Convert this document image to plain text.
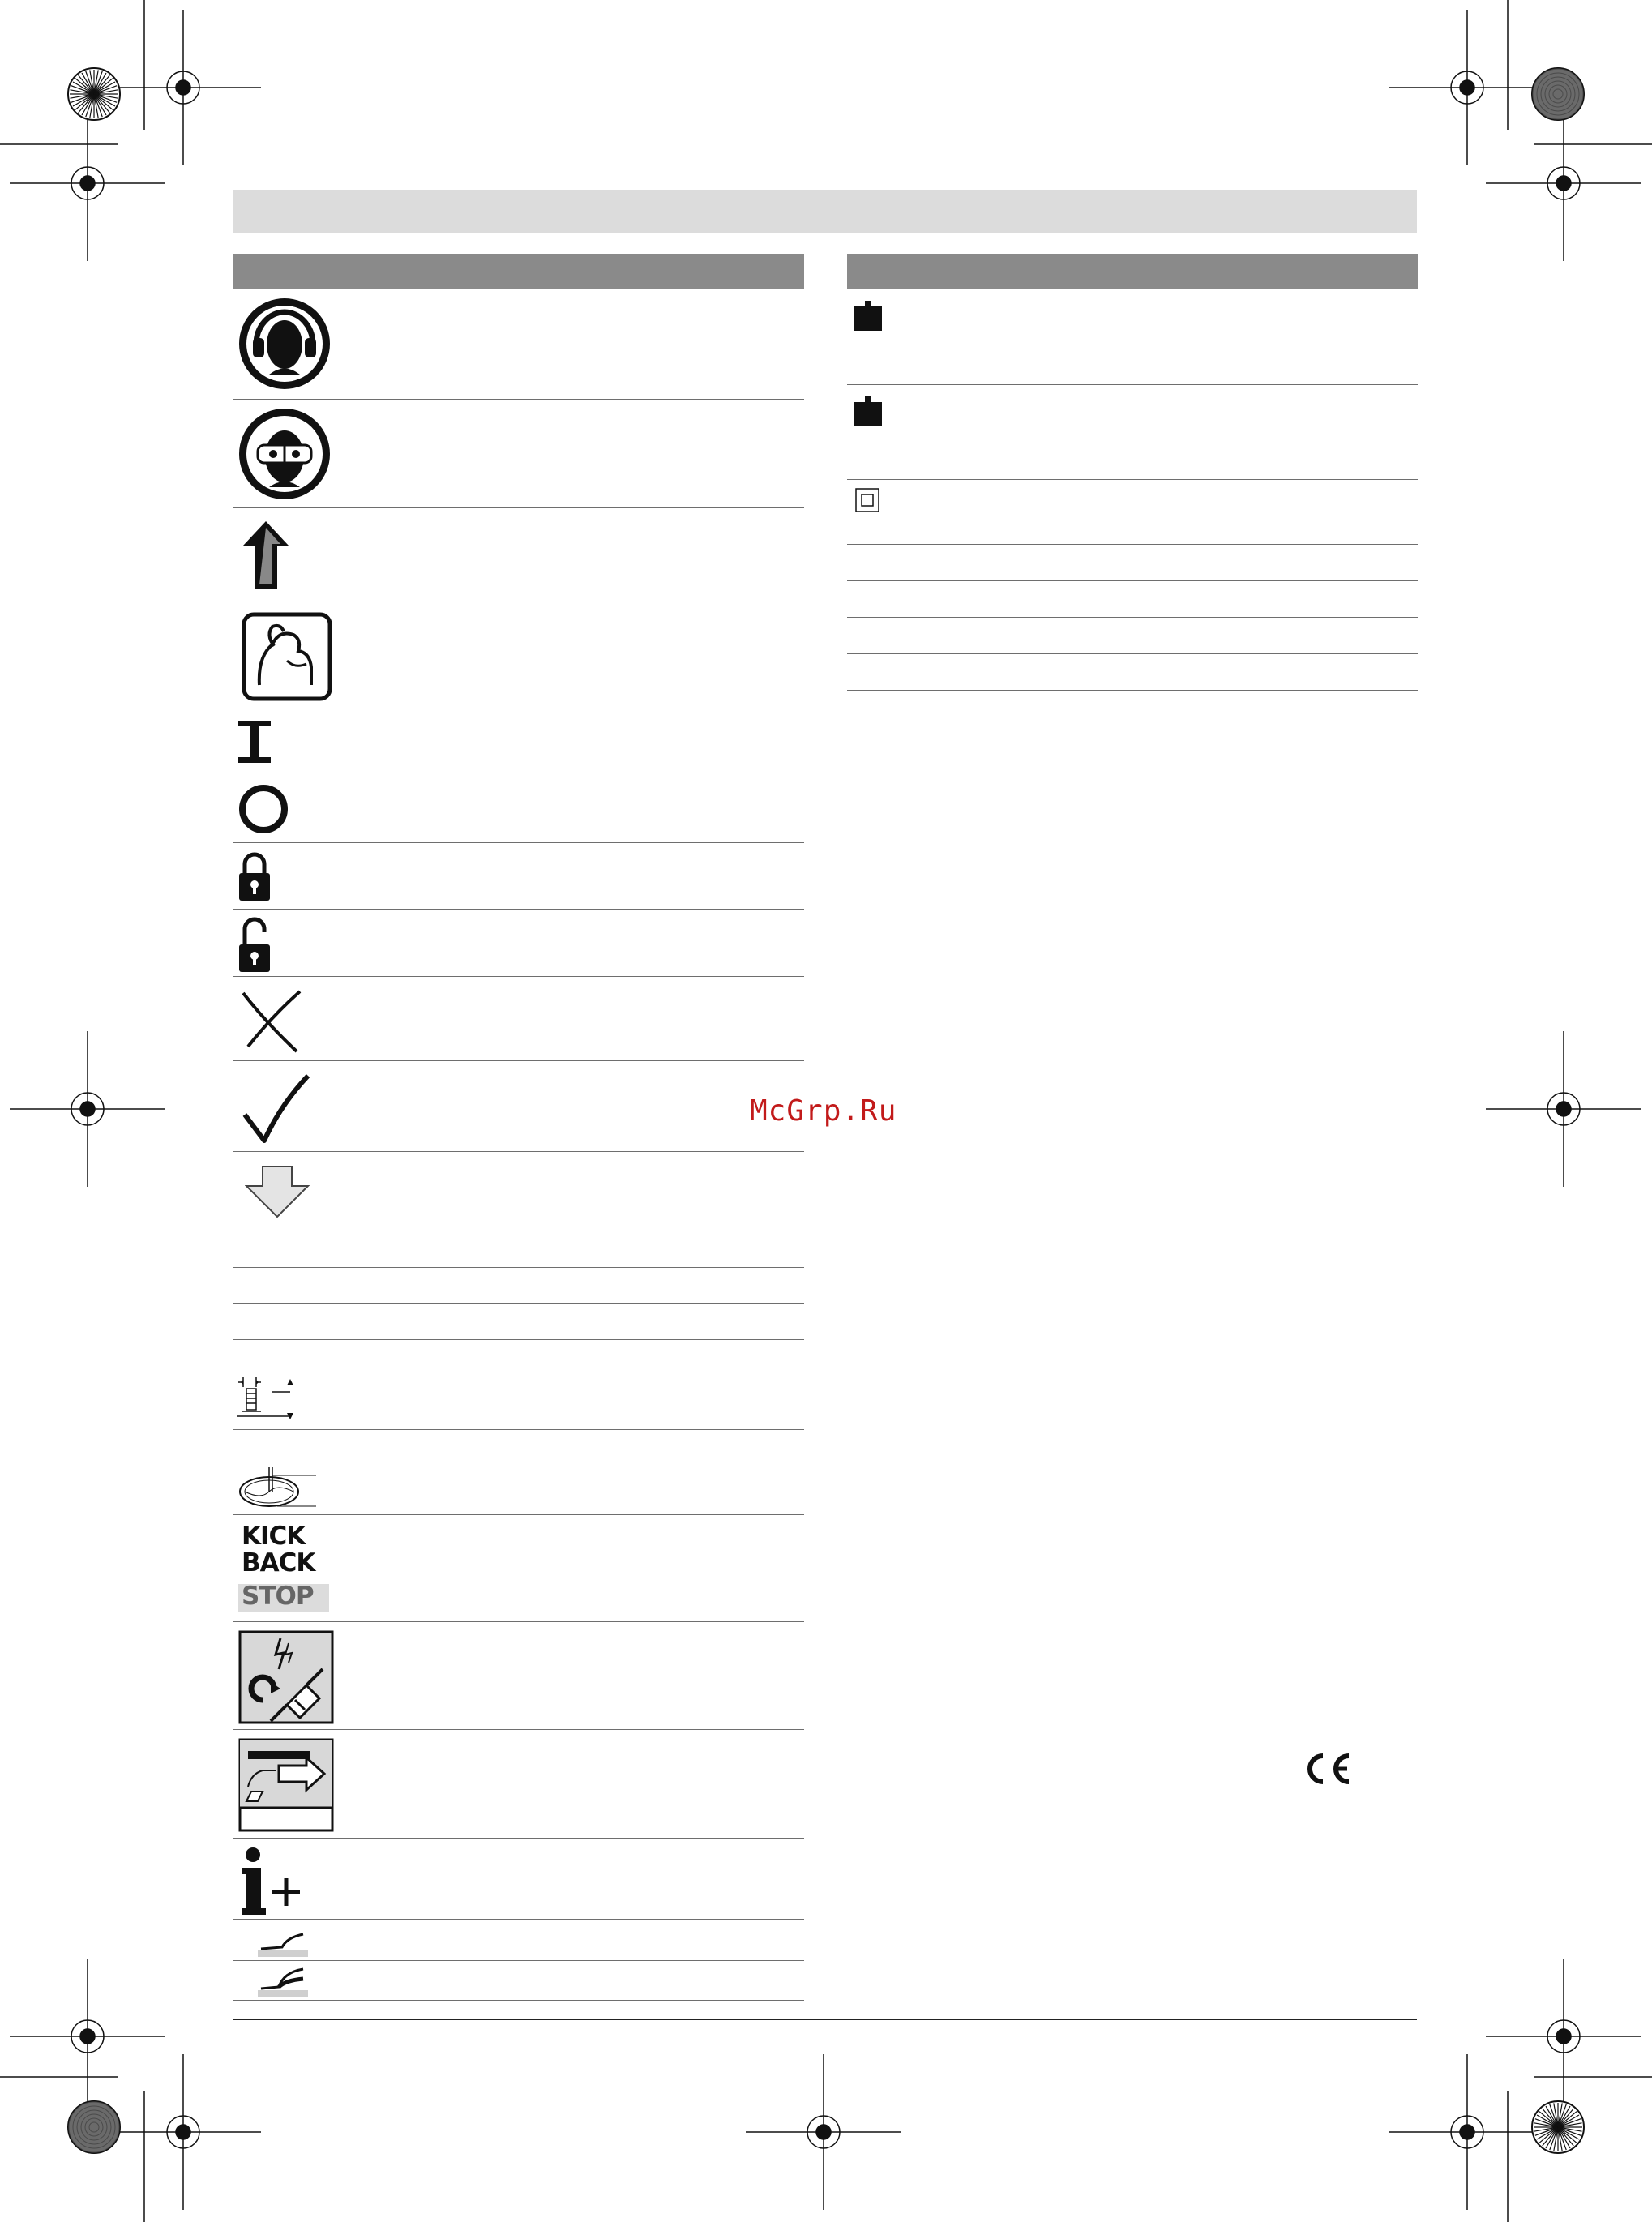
KICK
BACK
STOP
McGrp.Ru
